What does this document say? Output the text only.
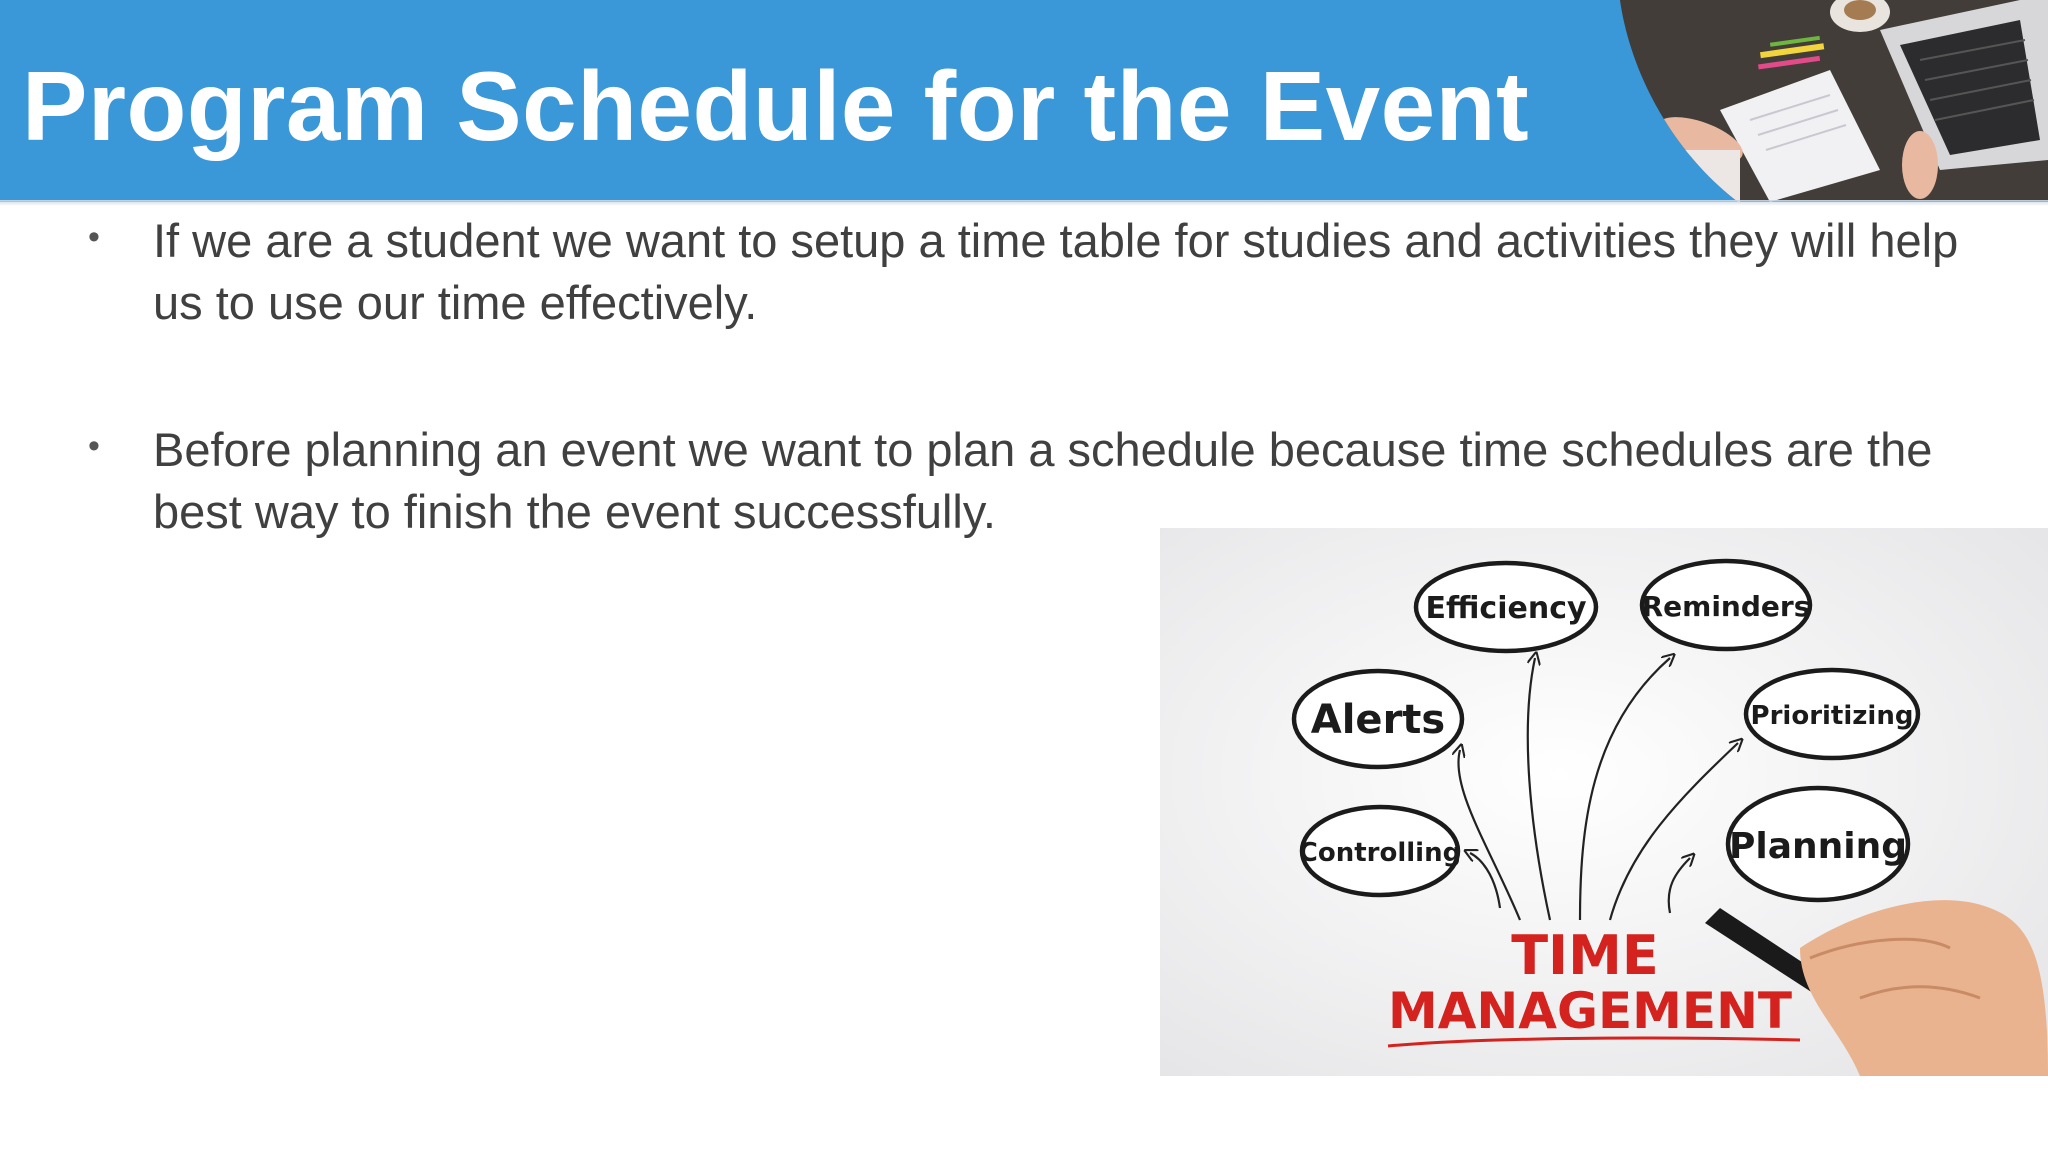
Program Schedule for the Event
• If we are a student we want to setup a time table for studies and activities they will help us to use our time effectively.
• Before planning an event we want to plan a schedule because time schedules are the best way to finish the event successfully.
Efficiency Reminders
Alerts	Prioritizing
Controlling	Planning
TIME
MANAGEMENT
